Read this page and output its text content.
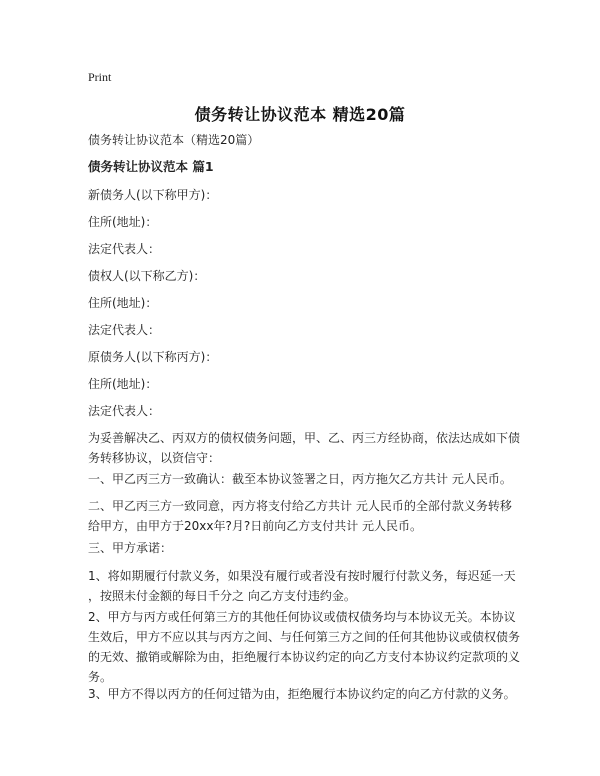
Print
债务转让协议范本 精选20篇
债务转让协议范本（精选20篇）
债务转让协议范本 篇1
新债务人(以下称甲方)：
住所(地址)：
法定代表人：
债权人(以下称乙方)：
住所(地址)：
法定代表人：
原债务人(以下称丙方)：
住所(地址)：
法定代表人：
为妥善解决乙、丙双方的债权债务问题，甲、乙、丙三方经协商，依法达成如下债
务转移协议，以资信守：
一、甲乙丙三方一致确认：截至本协议签署之日，丙方拖欠乙方共计 元人民币。
二、甲乙丙三方一致同意，丙方将支付给乙方共计 元人民币的全部付款义务转移
给甲方，由甲方于20xx年?月?日前向乙方支付共计 元人民币。
三、甲方承诺：
1、将如期履行付款义务，如果没有履行或者没有按时履行付款义务，每迟延一天
，按照未付金额的每日千分之 向乙方支付违约金。
2、甲方与丙方或任何第三方的其他任何协议或债权债务均与本协议无关。本协议
生效后，甲方不应以其与丙方之间、与任何第三方之间的任何其他协议或债权债务
的无效、撤销或解除为由，拒绝履行本协议约定的向乙方支付本协议约定款项的义
务。
3、甲方不得以丙方的任何过错为由，拒绝履行本协议约定的向乙方付款的义务。
